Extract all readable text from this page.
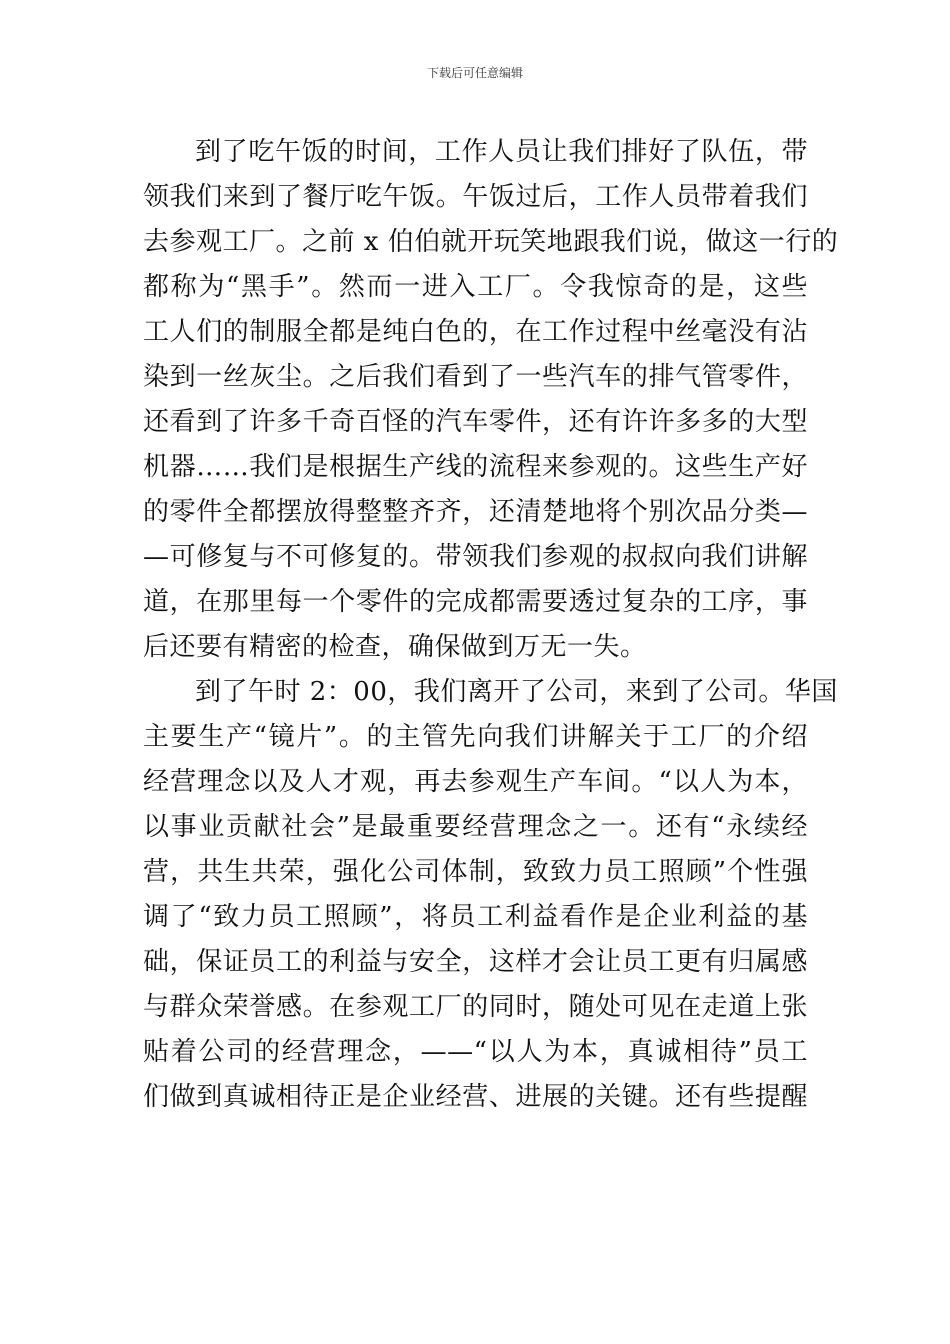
下载后可任意编辑
到了吃午饭的时间，工作人员让我们排好了队伍，带
领我们来到了餐厅吃午饭。午饭过后，工作人员带着我们
去参观工厂。之前 x 伯伯就开玩笑地跟我们说，做这一行的
都称为“黑手”。然而一进入工厂。令我惊奇的是，这些
工人们的制服全都是纯白色的，在工作过程中丝毫没有沾
染到一丝灰尘。之后我们看到了一些汽车的排气管零件，
还看到了许多千奇百怪的汽车零件，还有许许多多的大型
机器……我们是根据生产线的流程来参观的。这些生产好
的零件全都摆放得整整齐齐，还清楚地将个别次品分类—
—可修复与不可修复的。带领我们参观的叔叔向我们讲解
道，在那里每一个零件的完成都需要透过复杂的工序，事
后还要有精密的检查，确保做到万无一失。
到了午时 2：00，我们离开了公司，来到了公司。华国
主要生产“镜片”。的主管先向我们讲解关于工厂的介绍
经营理念以及人才观，再去参观生产车间。“以人为本，
以事业贡献社会”是最重要经营理念之一。还有“永续经
营，共生共荣，强化公司体制，致致力员工照顾”个性强
调了“致力员工照顾”，将员工利益看作是企业利益的基
础，保证员工的利益与安全，这样才会让员工更有归属感
与群众荣誉感。在参观工厂的同时，随处可见在走道上张
贴着公司的经营理念，——“以人为本，真诚相待”员工
们做到真诚相待正是企业经营、进展的关键。还有些提醒
